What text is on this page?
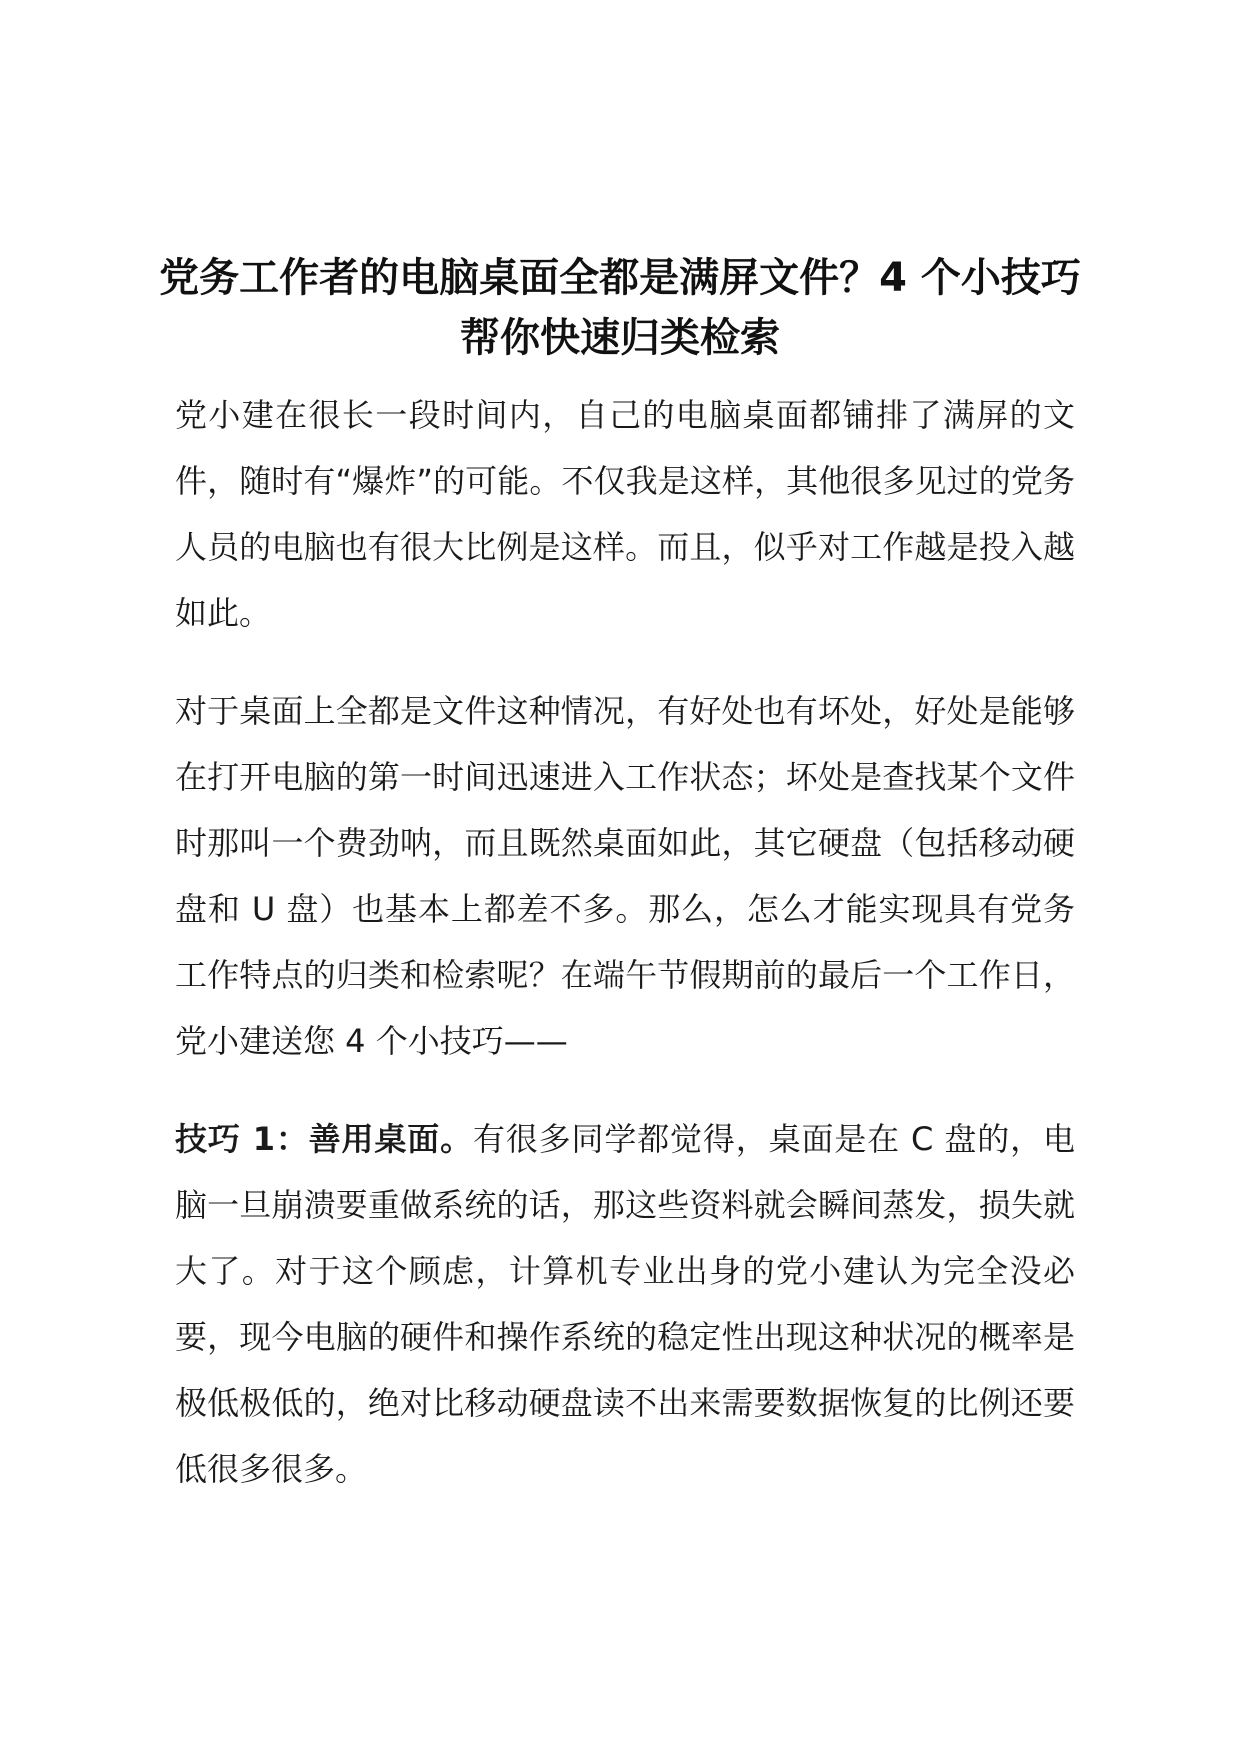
党务工作者的电脑桌面全都是满屏文件？4 个小技巧帮你快速归类检索

党小建在很长一段时间内，自己的电脑桌面都铺排了满屏的文件，随时有“爆炸”的可能。不仅我是这样，其他很多见过的党务人员的电脑也有很大比例是这样。而且，似乎对工作越是投入越如此。

对于桌面上全都是文件这种情况，有好处也有坏处，好处是能够在打开电脑的第一时间迅速进入工作状态；坏处是查找某个文件时那叫一个费劲呐，而且既然桌面如此，其它硬盘（包括移动硬盘和 U 盘）也基本上都差不多。那么，怎么才能实现具有党务工作特点的归类和检索呢？在端午节假期前的最后一个工作日，党小建送您 4 个小技巧——

技巧 1：善用桌面。有很多同学都觉得，桌面是在 C 盘的，电脑一旦崩溃要重做系统的话，那这些资料就会瞬间蒸发，损失就大了。对于这个顾虑，计算机专业出身的党小建认为完全没必要，现今电脑的硬件和操作系统的稳定性出现这种状况的概率是极低极低的，绝对比移动硬盘读不出来需要数据恢复的比例还要低很多很多。
